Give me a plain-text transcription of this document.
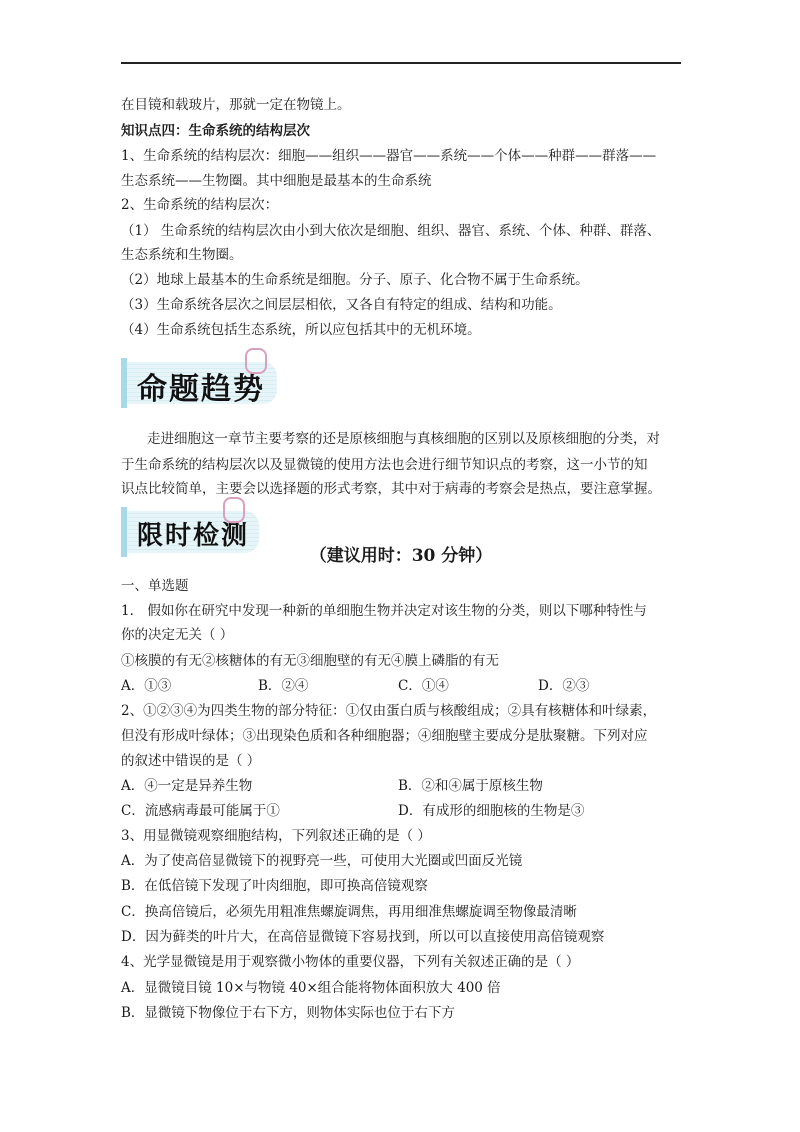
在目镜和载玻片，那就一定在物镜上。
知识点四：生命系统的结构层次
1、生命系统的结构层次：细胞——组织——器官——系统——个体——种群——群落——
生态系统——生物圈。其中细胞是最基本的生命系统
2、生命系统的结构层次：
（1） 生命系统的结构层次由小到大依次是细胞、组织、器官、系统、个体、种群、群落、
生态系统和生物圈。
（2）地球上最基本的生命系统是细胞。分子、原子、化合物不属于生命系统。
（3）生命系统各层次之间层层相依，又各自有特定的组成、结构和功能。
（4）生命系统包括生态系统，所以应包括其中的无机环境。
命题趋势
走进细胞这一章节主要考察的还是原核细胞与真核细胞的区别以及原核细胞的分类，对
于生命系统的结构层次以及显微镜的使用方法也会进行细节知识点的考察，这一小节的知
识点比较简单，主要会以选择题的形式考察，其中对于病毒的考察会是热点，要注意掌握。
限时检测
（建议用时：30 分钟）
一、单选题
1． 假如你在研究中发现一种新的单细胞生物并决定对该生物的分类，则以下哪种特性与
你的决定无关（ ）
①核膜的有无②核糖体的有无③细胞壁的有无④膜上磷脂的有无
A．①③	B．②④	C．①④	D．②③
2、①②③④为四类生物的部分特征：①仅由蛋白质与核酸组成；②具有核糖体和叶绿素，
但没有形成叶绿体；③出现染色质和各种细胞器；④细胞壁主要成分是肽聚糖。下列对应
的叙述中错误的是（ ）
A．④一定是异养生物	B．②和④属于原核生物
C．流感病毒最可能属于①	D．有成形的细胞核的生物是③
3、用显微镜观察细胞结构，下列叙述正确的是（ ）
A．为了使高倍显微镜下的视野亮一些，可使用大光圈或凹面反光镜
B．在低倍镜下发现了叶肉细胞，即可换高倍镜观察
C．换高倍镜后，必须先用粗准焦螺旋调焦，再用细准焦螺旋调至物像最清晰
D．因为藓类的叶片大，在高倍显微镜下容易找到，所以可以直接使用高倍镜观察
4、光学显微镜是用于观察微小物体的重要仪器，下列有关叙述正确的是（ ）
A．显微镜目镜 10×与物镜 40×组合能将物体面积放大 400 倍
B．显微镜下物像位于右下方，则物体实际也位于右下方
